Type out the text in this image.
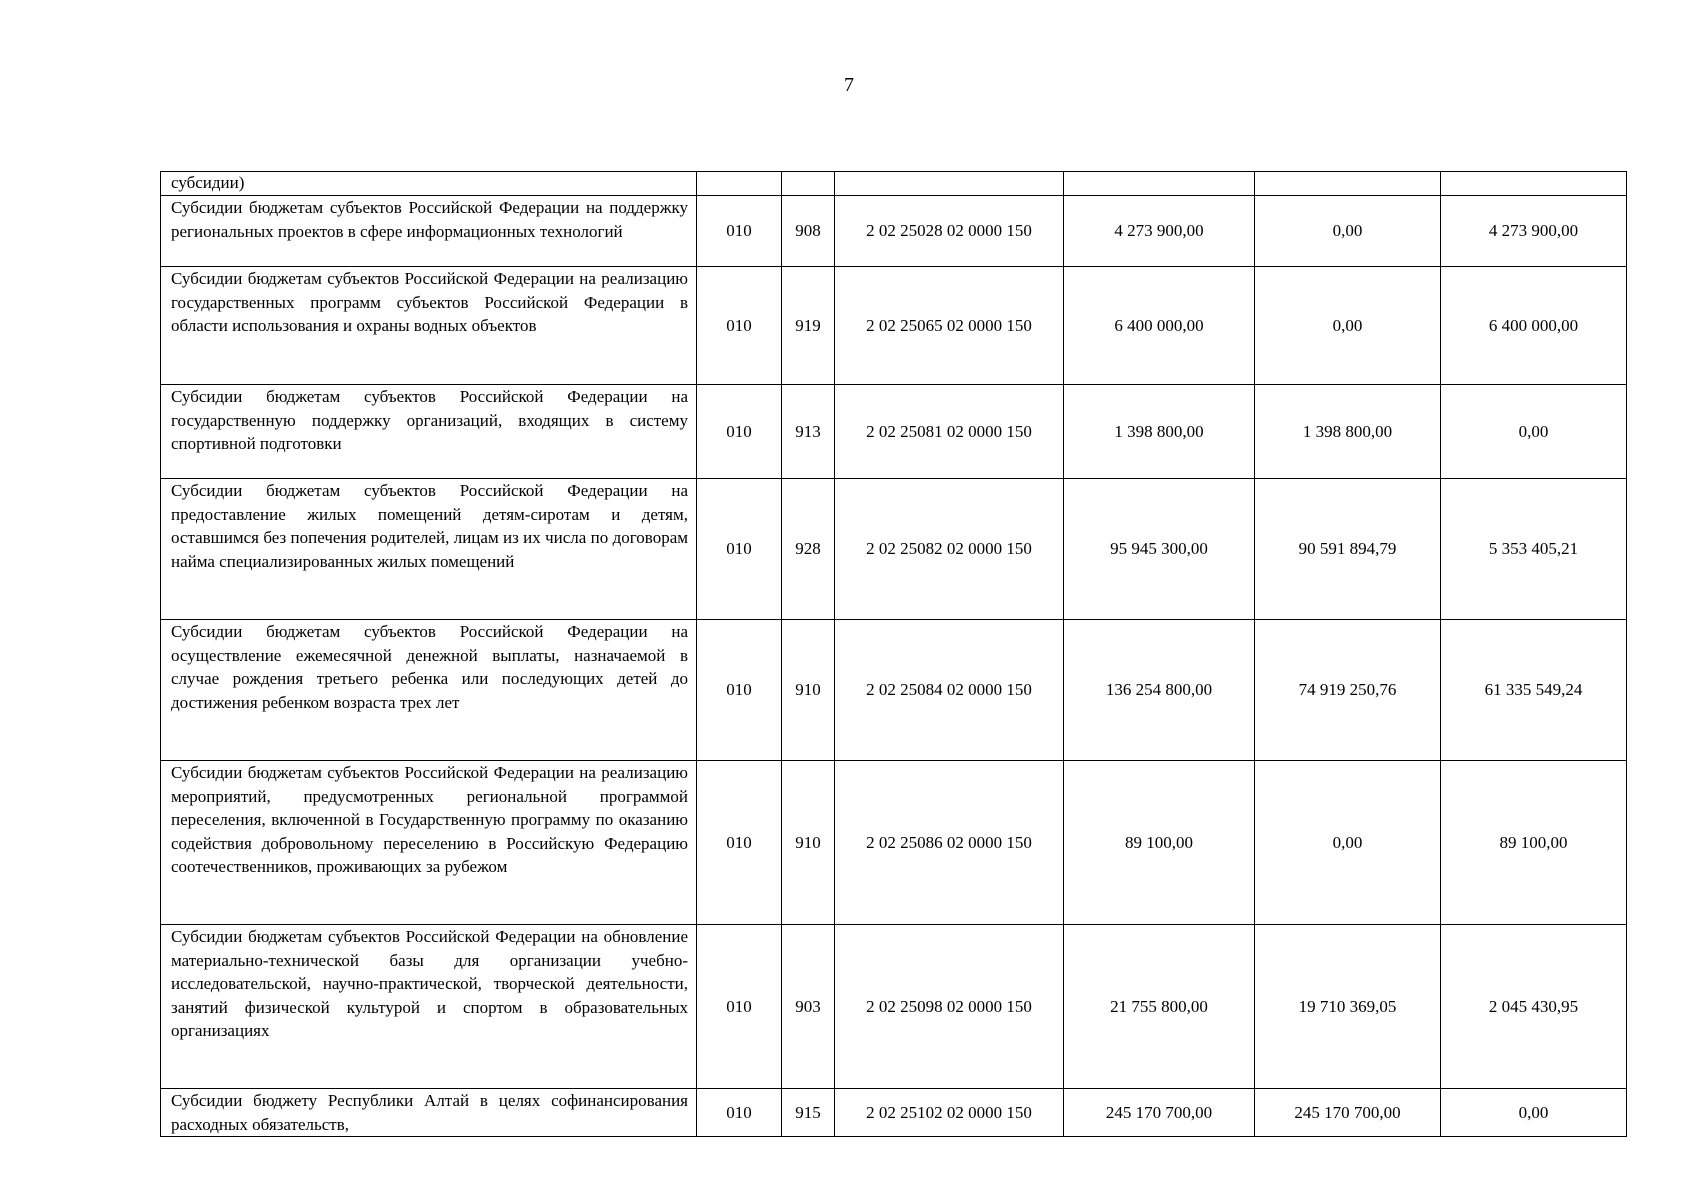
7
субсидии)						
Субсидии бюджетам субъектов Российской Федерации на поддержку региональных проектов в сфере информационных технологий	010	908	2 02 25028 02 0000 150	4 273 900,00	0,00	4 273 900,00
Субсидии бюджетам субъектов Российской Федерации на реализацию государственных программ субъектов Российской Федерации в области использования и охраны водных объектов	010	919	2 02 25065 02 0000 150	6 400 000,00	0,00	6 400 000,00
Субсидии бюджетам субъектов Российской Федерации на государственную поддержку организаций, входящих в систему спортивной подготовки	010	913	2 02 25081 02 0000 150	1 398 800,00	1 398 800,00	0,00
Субсидии бюджетам субъектов Российской Федерации на предоставление жилых помещений детям-сиротам и детям, оставшимся без попечения родителей, лицам из их числа по договорам найма специализированных жилых помещений	010	928	2 02 25082 02 0000 150	95 945 300,00	90 591 894,79	5 353 405,21
Субсидии бюджетам субъектов Российской Федерации на осуществление ежемесячной денежной выплаты, назначаемой в случае рождения третьего ребенка или последующих детей до достижения ребенком возраста трех лет	010	910	2 02 25084 02 0000 150	136 254 800,00	74 919 250,76	61 335 549,24
Субсидии бюджетам субъектов Российской Федерации на реализацию мероприятий, предусмотренных региональной программой переселения, включенной в Государственную программу по оказанию содействия добровольному переселению в Российскую Федерацию соотечественников, проживающих за рубежом	010	910	2 02 25086 02 0000 150	89 100,00	0,00	89 100,00
Субсидии бюджетам субъектов Российской Федерации на обновление материально-технической базы для организации учебно-исследовательской, научно-практической, творческой деятельности, занятий физической культурой и спортом в образовательных организациях	010	903	2 02 25098 02 0000 150	21 755 800,00	19 710 369,05	2 045 430,95
Субсидии бюджету Республики Алтай в целях софинансирования расходных обязательств,	010	915	2 02 25102 02 0000 150	245 170 700,00	245 170 700,00	0,00
